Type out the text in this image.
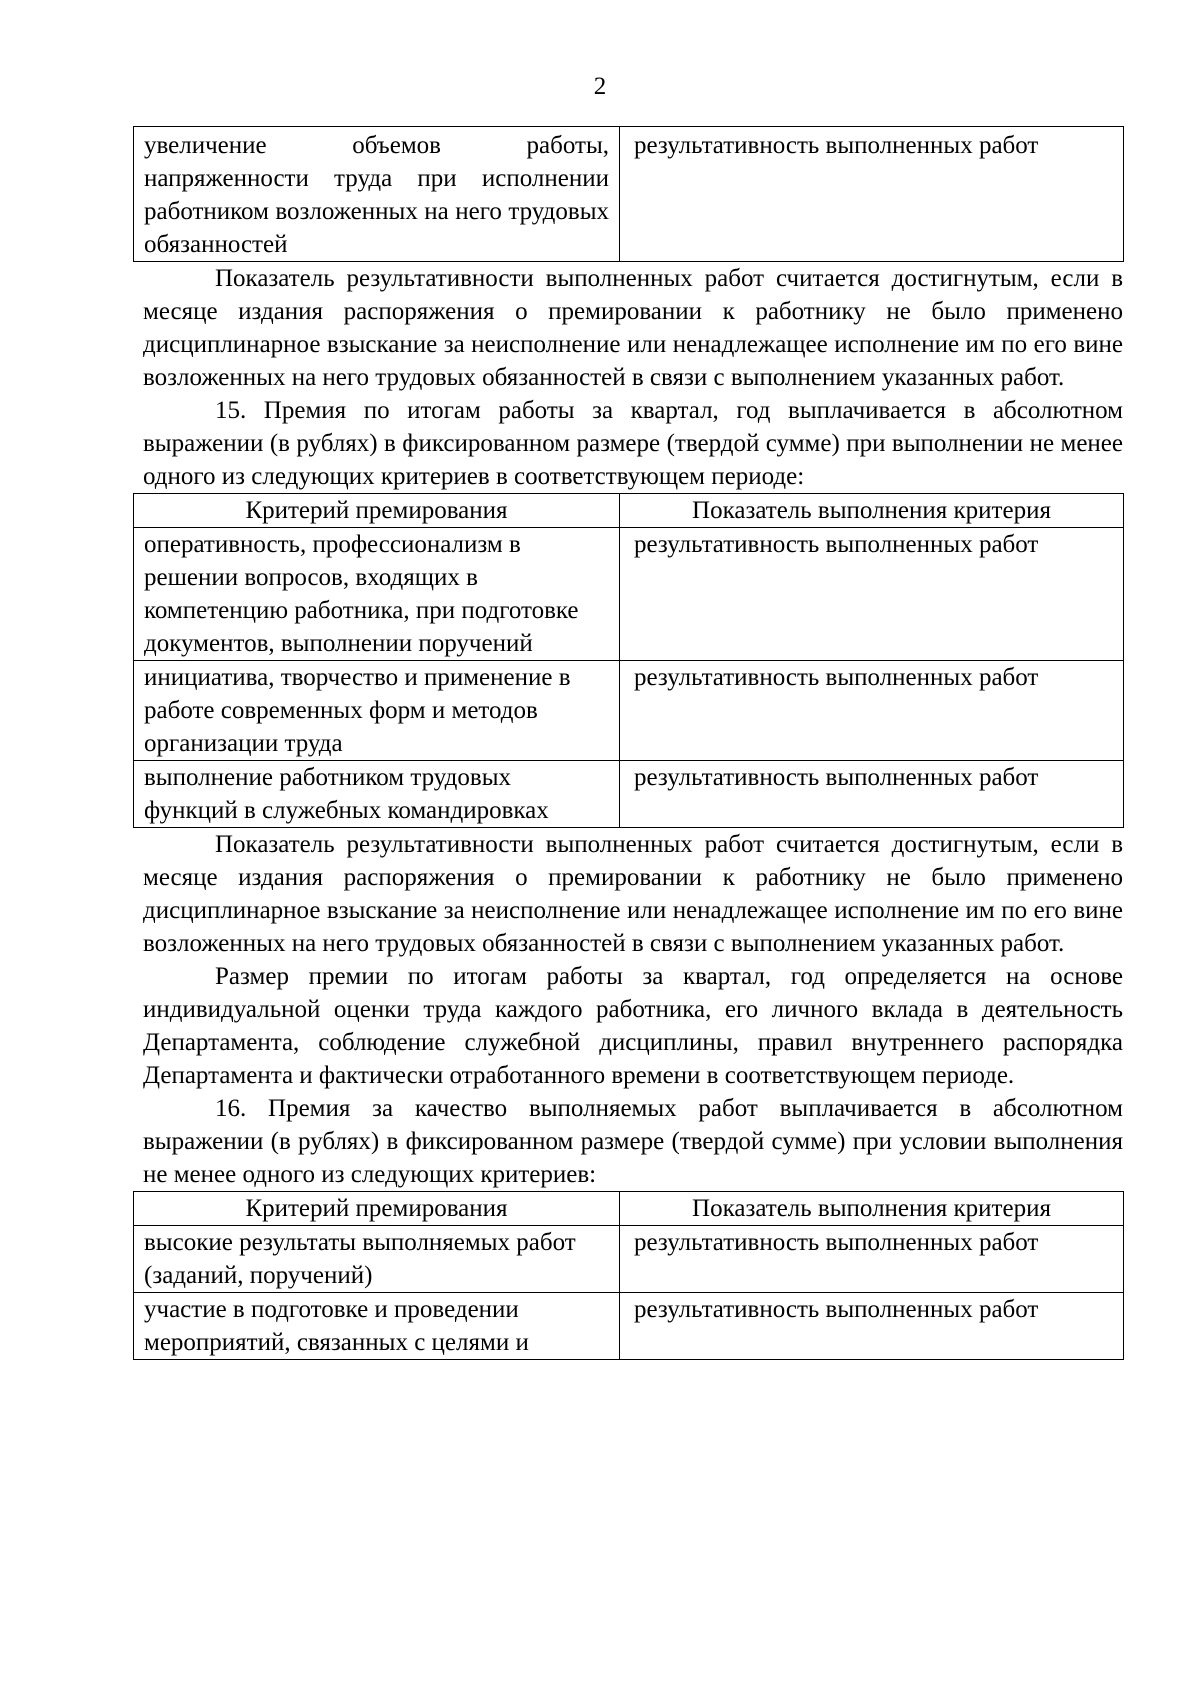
2
увеличение объемов работы, напряженности труда при исполнении работником возложенных на него трудовых обязанностей	результативность выполненных работ

Показатель результативности выполненных работ считается достигнутым, если в месяце издания распоряжения о премировании к работнику не было применено дисциплинарное взыскание за неисполнение или ненадлежащее исполнение им по его вине возложенных на него трудовых обязанностей в связи с выполнением указанных работ.

15. Премия по итогам работы за квартал, год выплачивается в абсолютном выражении (в рублях) в фиксированном размере (твердой сумме) при выполнении не менее одного из следующих критериев в соответствующем периоде:

Критерий премирования	Показатель выполнения критерия
оперативность, профессионализм в решении вопросов, входящих в компетенцию работника, при подготовке документов, выполнении поручений	результативность выполненных работ
инициатива, творчество и применение в работе современных форм и методов организации труда	результативность выполненных работ
выполнение работником трудовых функций в служебных командировках	результативность выполненных работ

Показатель результативности выполненных работ считается достигнутым, если в месяце издания распоряжения о премировании к работнику не было применено дисциплинарное взыскание за неисполнение или ненадлежащее исполнение им по его вине возложенных на него трудовых обязанностей в связи с выполнением указанных работ.

Размер премии по итогам работы за квартал, год определяется на основе индивидуальной оценки труда каждого работника, его личного вклада в деятельность Департамента, соблюдение служебной дисциплины, правил внутреннего распорядка Департамента и фактически отработанного времени в соответствующем периоде.

16. Премия за качество выполняемых работ выплачивается в абсолютном выражении (в рублях) в фиксированном размере (твердой сумме) при условии выполнения не менее одного из следующих критериев:

Критерий премирования	Показатель выполнения критерия
высокие результаты выполняемых работ (заданий, поручений)	результативность выполненных работ
участие в подготовке и проведении мероприятий, связанных с целями и	результативность выполненных работ
